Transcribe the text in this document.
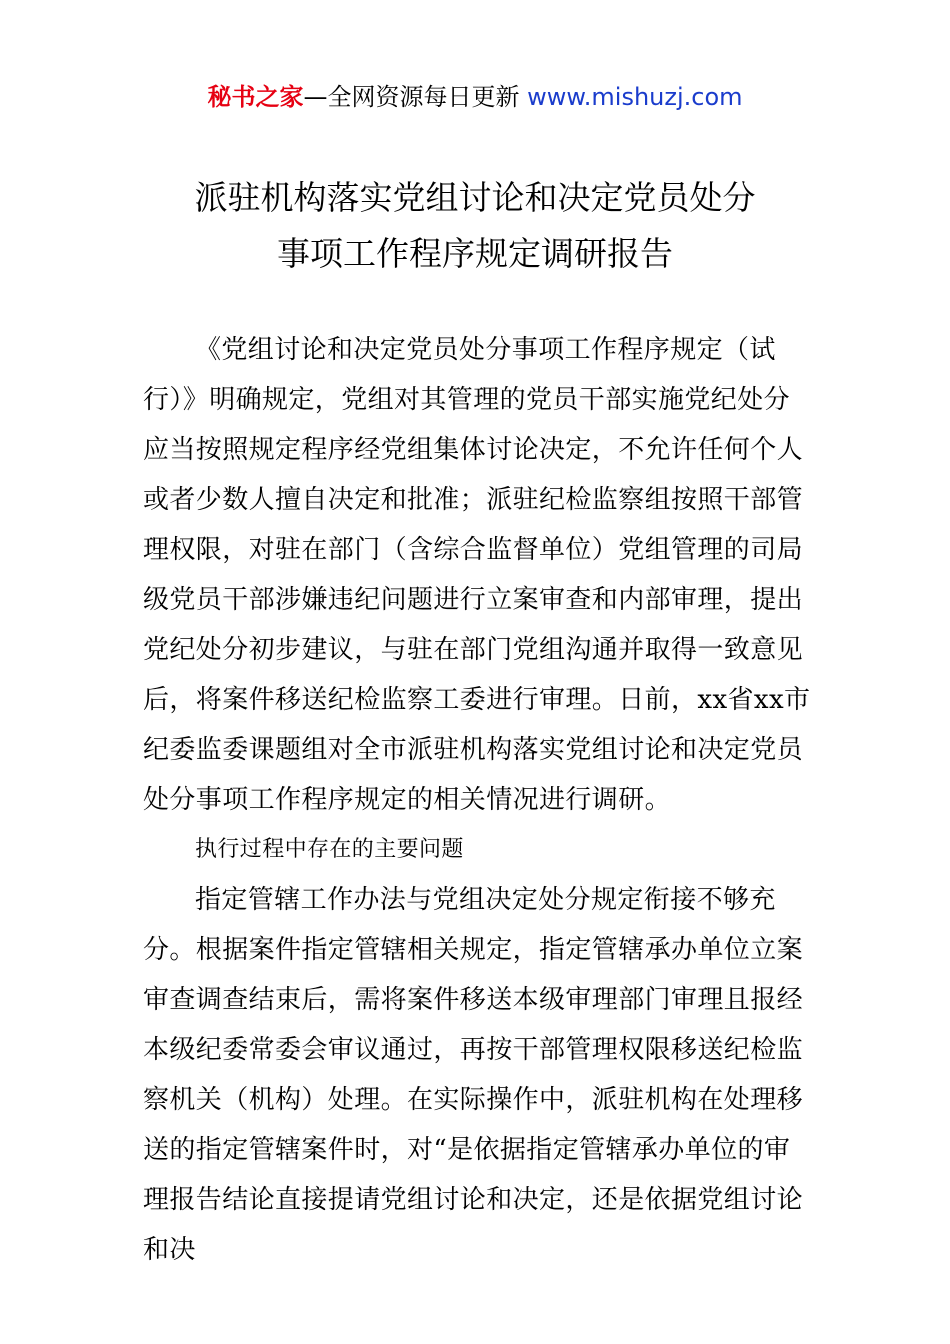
秘书之家—全网资源每日更新 www.mishuzj.com
派驻机构落实党组讨论和决定党员处分
事项工作程序规定调研报告

《党组讨论和决定党员处分事项工作程序规定（试行）》明确规定，党组对其管理的党员干部实施党纪处分应当按照规定程序经党组集体讨论决定，不允许任何个人或者少数人擅自决定和批准；派驻纪检监察组按照干部管理权限，对驻在部门（含综合监督单位）党组管理的司局级党员干部涉嫌违纪问题进行立案审查和内部审理，提出党纪处分初步建议，与驻在部门党组沟通并取得一致意见后，将案件移送纪检监察工委进行审理。日前，xx省xx市纪委监委课题组对全市派驻机构落实党组讨论和决定党员处分事项工作程序规定的相关情况进行调研。

执行过程中存在的主要问题

指定管辖工作办法与党组决定处分规定衔接不够充分。根据案件指定管辖相关规定，指定管辖承办单位立案审查调查结束后，需将案件移送本级审理部门审理且报经本级纪委常委会审议通过，再按干部管理权限移送纪检监察机关（机构）处理。在实际操作中，派驻机构在处理移送的指定管辖案件时，对“是依据指定管辖承办单位的审理报告结论直接提请党组讨论和决定，还是依据党组讨论和决
